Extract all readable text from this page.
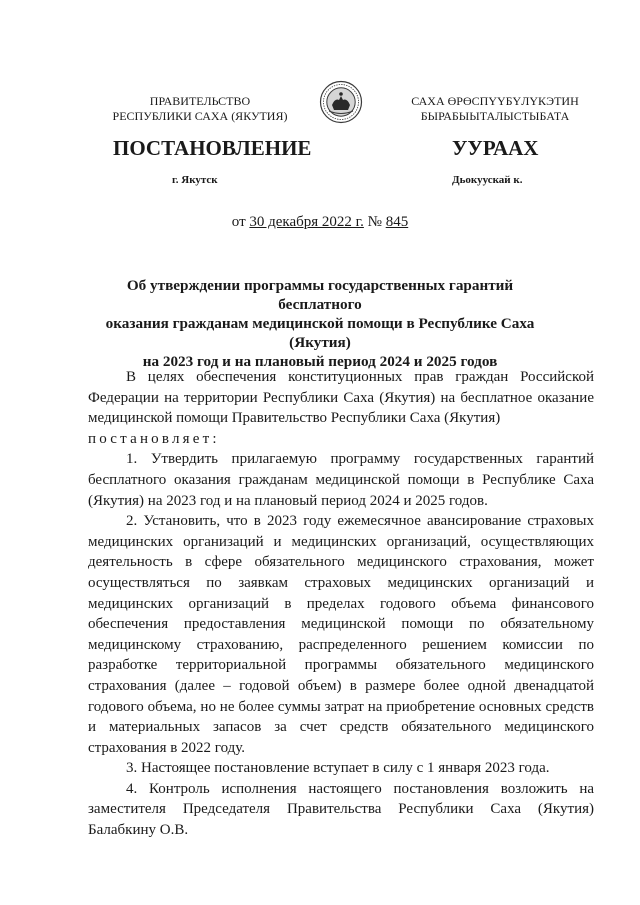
ПРАВИТЕЛЬСТВО
РЕСПУБЛИКИ САХА (ЯКУТИЯ)
САХА ӨРӨСПҮҮБҮЛҮКЭТИН
БЫРАБЫЫТАЛЫСТЫБАТА
ПОСТАНОВЛЕНИЕ	УУРААХ
г. Якутск	Дьокуускай к.
от 30 декабря 2022 г. № 845
Об утверждении программы государственных гарантий бесплатного
оказания гражданам медицинской помощи в Республике Саха (Якутия)
на 2023 год и на плановый период 2024 и 2025 годов

В целях обеспечения конституционных прав граждан Российской Федерации на территории Республики Саха (Якутия) на бесплатное оказание медицинской помощи Правительство Республики Саха (Якутия)

постановляет:

1. Утвердить прилагаемую программу государственных гарантий бесплатного оказания гражданам медицинской помощи в Республике Саха (Якутия) на 2023 год и на плановый период 2024 и 2025 годов.

2. Установить, что в 2023 году ежемесячное авансирование страховых медицинских организаций и медицинских организаций, осуществляющих деятельность в сфере обязательного медицинского страхования, может осуществляться по заявкам страховых медицинских организаций и медицинских организаций в пределах годового объема финансового обеспечения предоставления медицинской помощи по обязательному медицинскому страхованию, распределенного решением комиссии по разработке территориальной программы обязательного медицинского страхования (далее – годовой объем) в размере более одной двенадцатой годового объема, но не более суммы затрат на приобретение основных средств и материальных запасов за счет средств обязательного медицинского страхования в 2022 году.

3. Настоящее постановление вступает в силу с 1 января 2023 года.

4. Контроль исполнения настоящего постановления возложить на заместителя Председателя Правительства Республики Саха (Якутия) Балабкину О.В.
